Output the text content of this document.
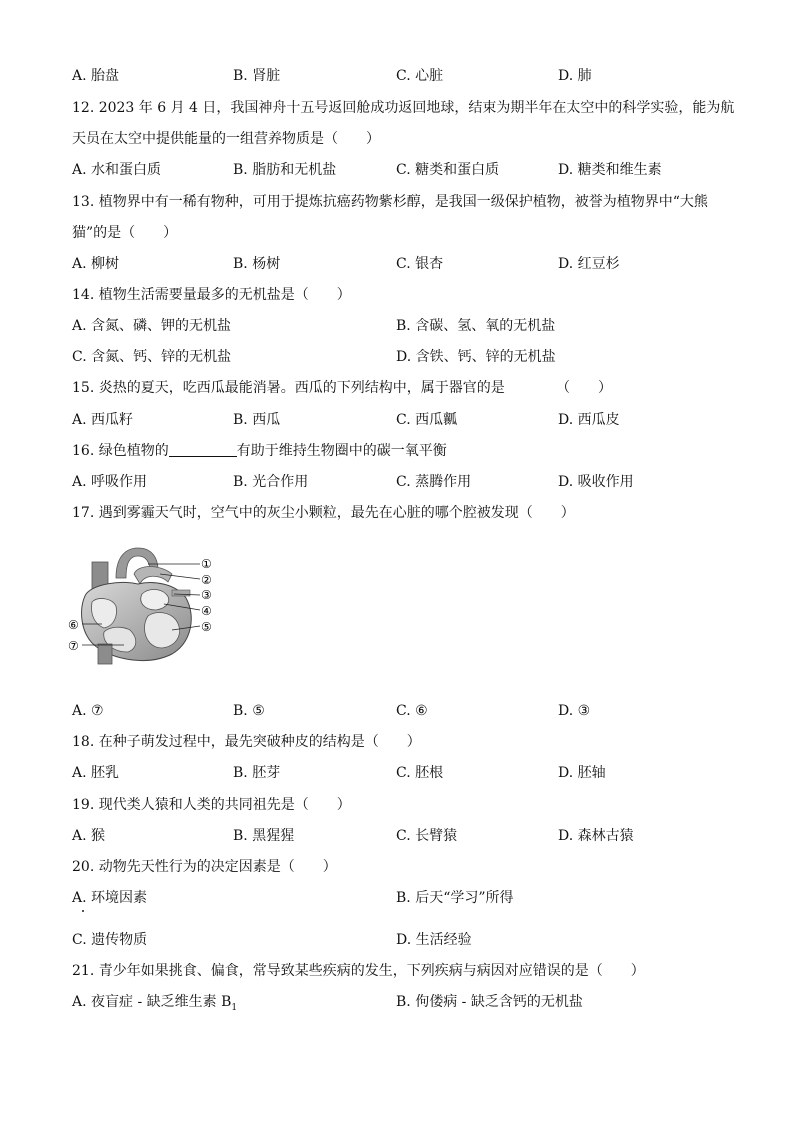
A. 胎盘	B. 肾脏	C. 心脏	D. 肺
12. 2023 年 6 月 4 日，我国神舟十五号返回舱成功返回地球，结束为期半年在太空中的科学实验，能为航
天员在太空中提供能量的一组营养物质是（　　）
A. 水和蛋白质	B. 脂肪和无机盐	C. 糖类和蛋白质	D. 糖类和维生素
13. 植物界中有一稀有物种，可用于提炼抗癌药物紫杉醇，是我国一级保护植物，被誉为植物界中“大熊
猫”的是（　　）
A. 柳树	B. 杨树	C. 银杏	D. 红豆杉
14. 植物生活需要量最多的无机盐是（　　）
A. 含氮、磷、钾的无机盐	B. 含碳、氢、氧的无机盐
C. 含氮、钙、锌的无机盐	D. 含铁、钙、锌的无机盐
15. 炎热的夏天，吃西瓜最能消暑。西瓜的下列结构中，属于器官的是	（　　）
A. 西瓜籽	B. 西瓜	C. 西瓜瓤	D. 西瓜皮
16. 绿色植物的	有助于维持生物圈中的碳一氧平衡
A. 呼吸作用	B. 光合作用	C. 蒸腾作用	D. 吸收作用
17. 遇到雾霾天气时，空气中的灰尘小颗粒，最先在心脏的哪个腔被发现（　　）
①
②
③
④
⑤
⑥
⑦
A. ⑦	B. ⑤	C. ⑥	D. ③
18. 在种子萌发过程中，最先突破种皮的结构是（　　）
A. 胚乳	B. 胚芽	C. 胚根	D. 胚轴
19. 现代类人猿和人类的共同祖先是（　　）
A. 猴	B. 黑猩猩	C. 长臂猿	D. 森林古猿
20. 动物先天性行为的决定因素是（　　）
A. 环境因素	B. 后天“学习”所得
C. 遗传物质	D. 生活经验
21. 青少年如果挑食、偏食，常导致某些疾病的发生，下列疾病与病因对应错误的是（　　）
A. 夜盲症 - 缺乏维生素 $B_1$	B. 佝偻病 - 缺乏含钙的无机盐
